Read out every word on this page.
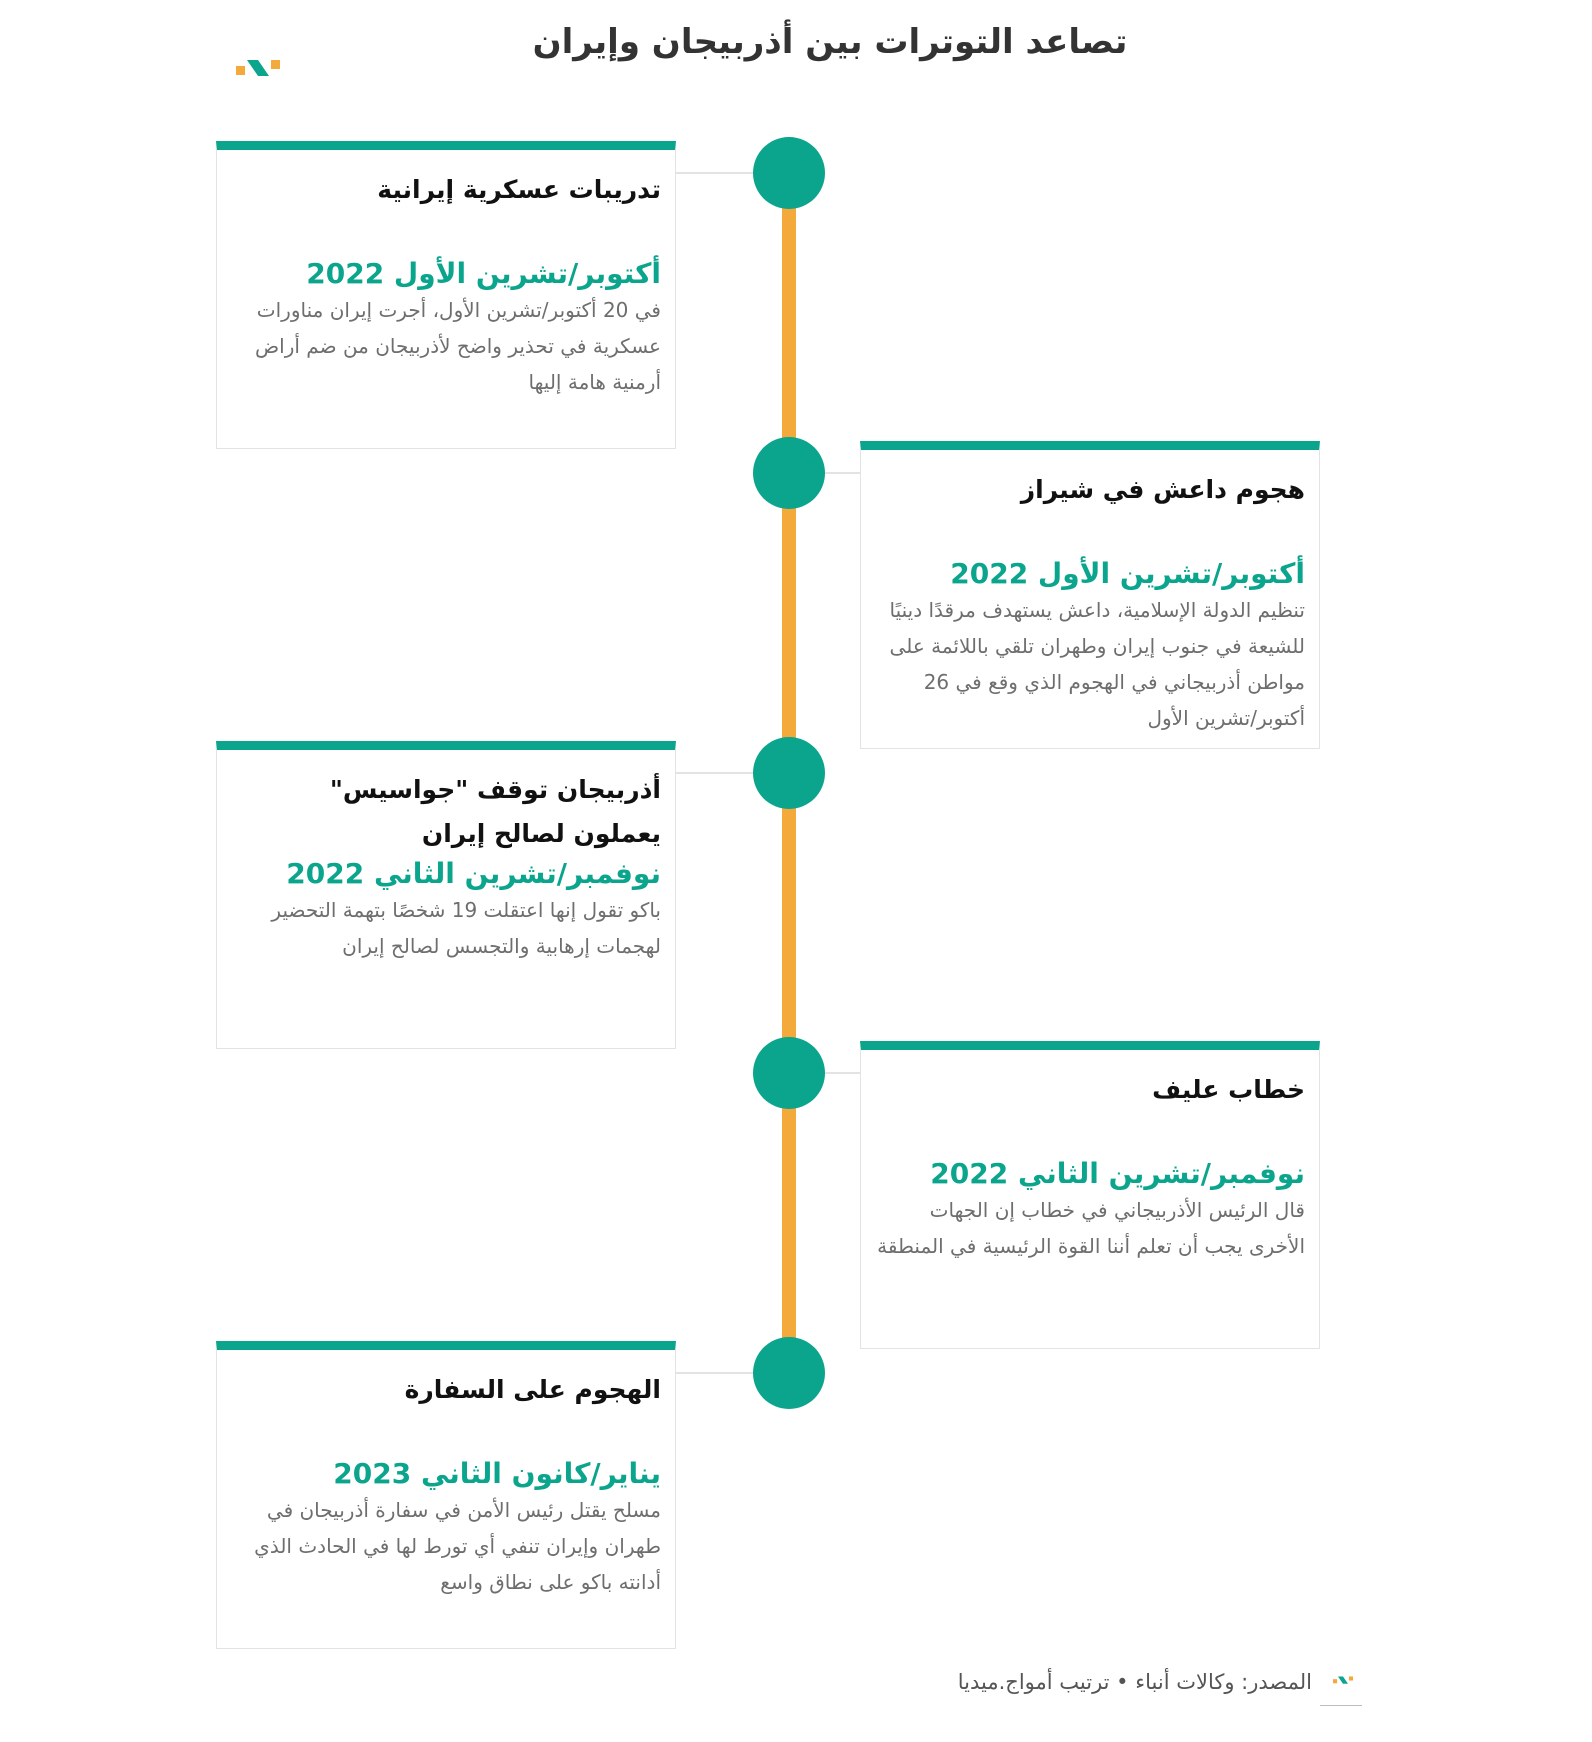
تصاعد التوترات بين أذربيجان وإيران
تدريبات عسكرية إيرانية
أكتوبر/تشرين الأول 2022
في 20 أكتوبر/تشرين الأول، أجرت إيران مناورات عسكرية في تحذير واضح لأذربيجان من ضم أراض أرمنية هامة إليها
هجوم داعش في شيراز
أكتوبر/تشرين الأول 2022
تنظيم الدولة الإسلامية، داعش يستهدف مرقدًا دينيًا للشيعة في جنوب إيران وطهران تلقي باللائمة على مواطن أذربيجاني في الهجوم الذي وقع في 26 أكتوبر/تشرين الأول
أذربيجان توقف "جواسيس" يعملون لصالح إيران
نوفمبر/تشرين الثاني 2022
باكو تقول إنها اعتقلت 19 شخصًا بتهمة التحضير لهجمات إرهابية والتجسس لصالح إيران
خطاب عليف
نوفمبر/تشرين الثاني 2022
قال الرئيس الأذربيجاني في خطاب إن الجهات الأخرى يجب أن تعلم أننا القوة الرئيسية في المنطقة
الهجوم على السفارة
يناير/كانون الثاني 2023
مسلح يقتل رئيس الأمن في سفارة أذربيجان في طهران وإيران تنفي أي تورط لها في الحادث الذي أدانته باكو على نطاق واسع
المصدر: وكالات أنباء • ترتيب أمواج.ميديا
